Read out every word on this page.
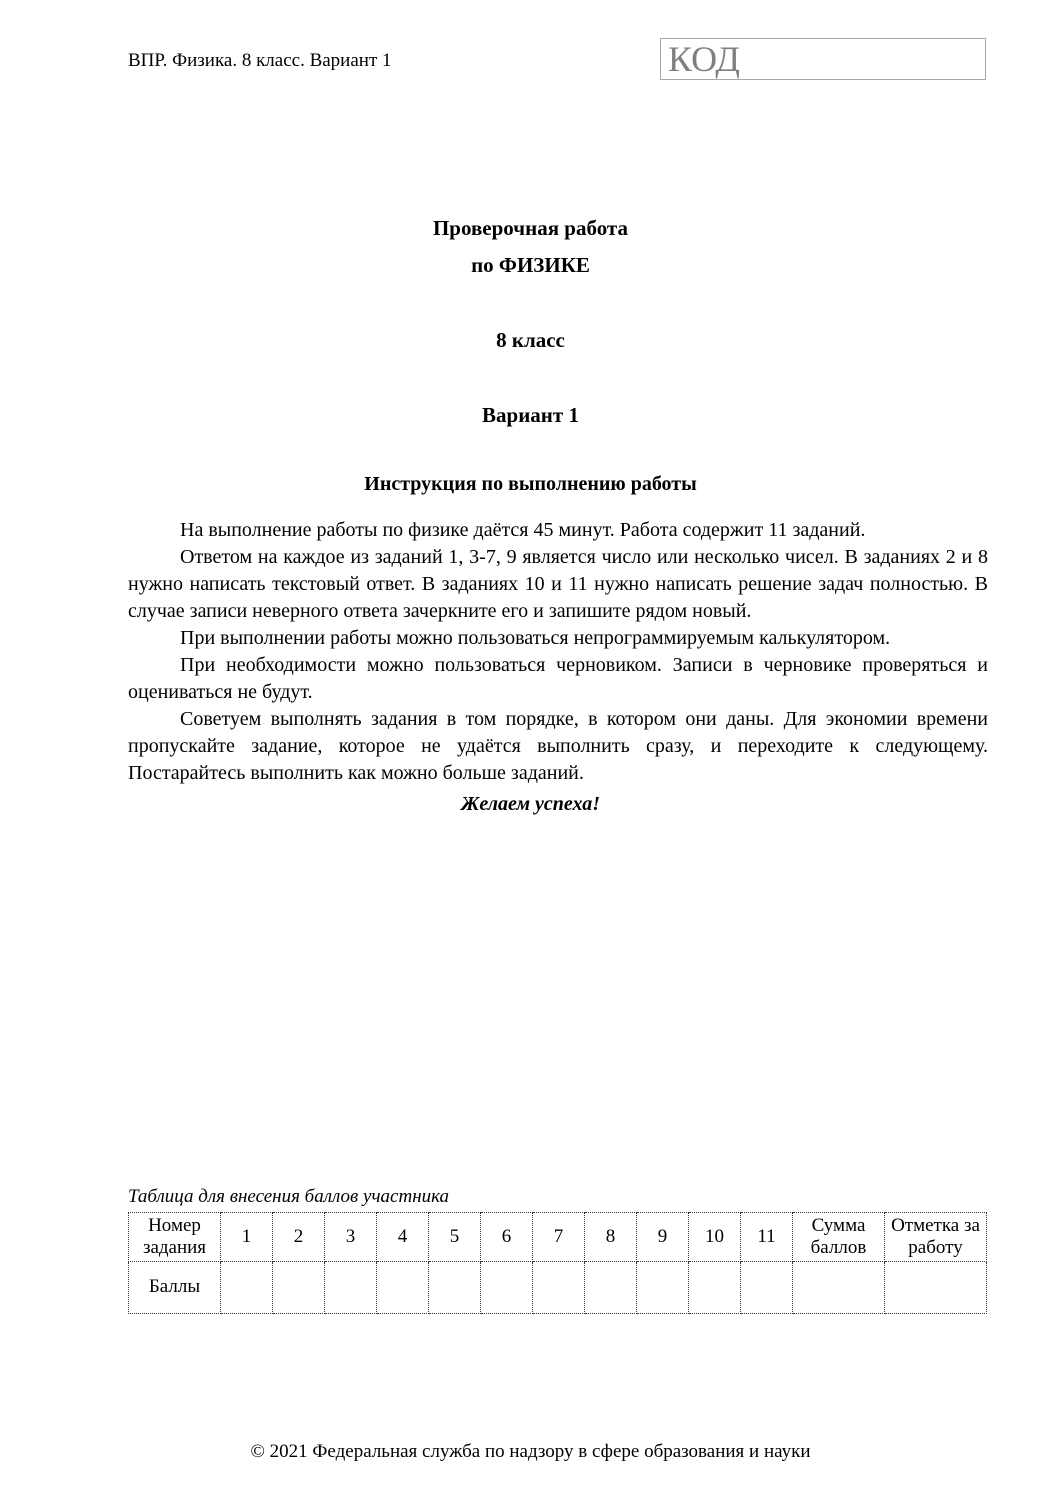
ВПР. Физика. 8 класс. Вариант 1	КОД
Проверочная работа
по ФИЗИКЕ
8 класс
Вариант 1
Инструкция по выполнению работы

На выполнение работы по физике даётся 45 минут. Работа содержит 11 заданий.

Ответом на каждое из заданий 1, 3-7, 9 является число или несколько чисел. В заданиях 2 и 8 нужно написать текстовый ответ. В заданиях 10 и 11 нужно написать решение задач полностью. В случае записи неверного ответа зачеркните его и запишите рядом новый.

При выполнении работы можно пользоваться непрограммируемым калькулятором.

При необходимости можно пользоваться черновиком. Записи в черновике проверяться и оцениваться не будут.

Советуем выполнять задания в том порядке, в котором они даны. Для экономии времени пропускайте задание, которое не удаётся выполнить сразу, и переходите к следующему. Постарайтесь выполнить как можно больше заданий.

Желаем успеха!
Таблица для внесения баллов участника
Номер задания	1	2	3	4	5	6	7	8	9	10	11	Сумма баллов	Отметка за работу
Баллы													
© 2021 Федеральная служба по надзору в сфере образования и науки
